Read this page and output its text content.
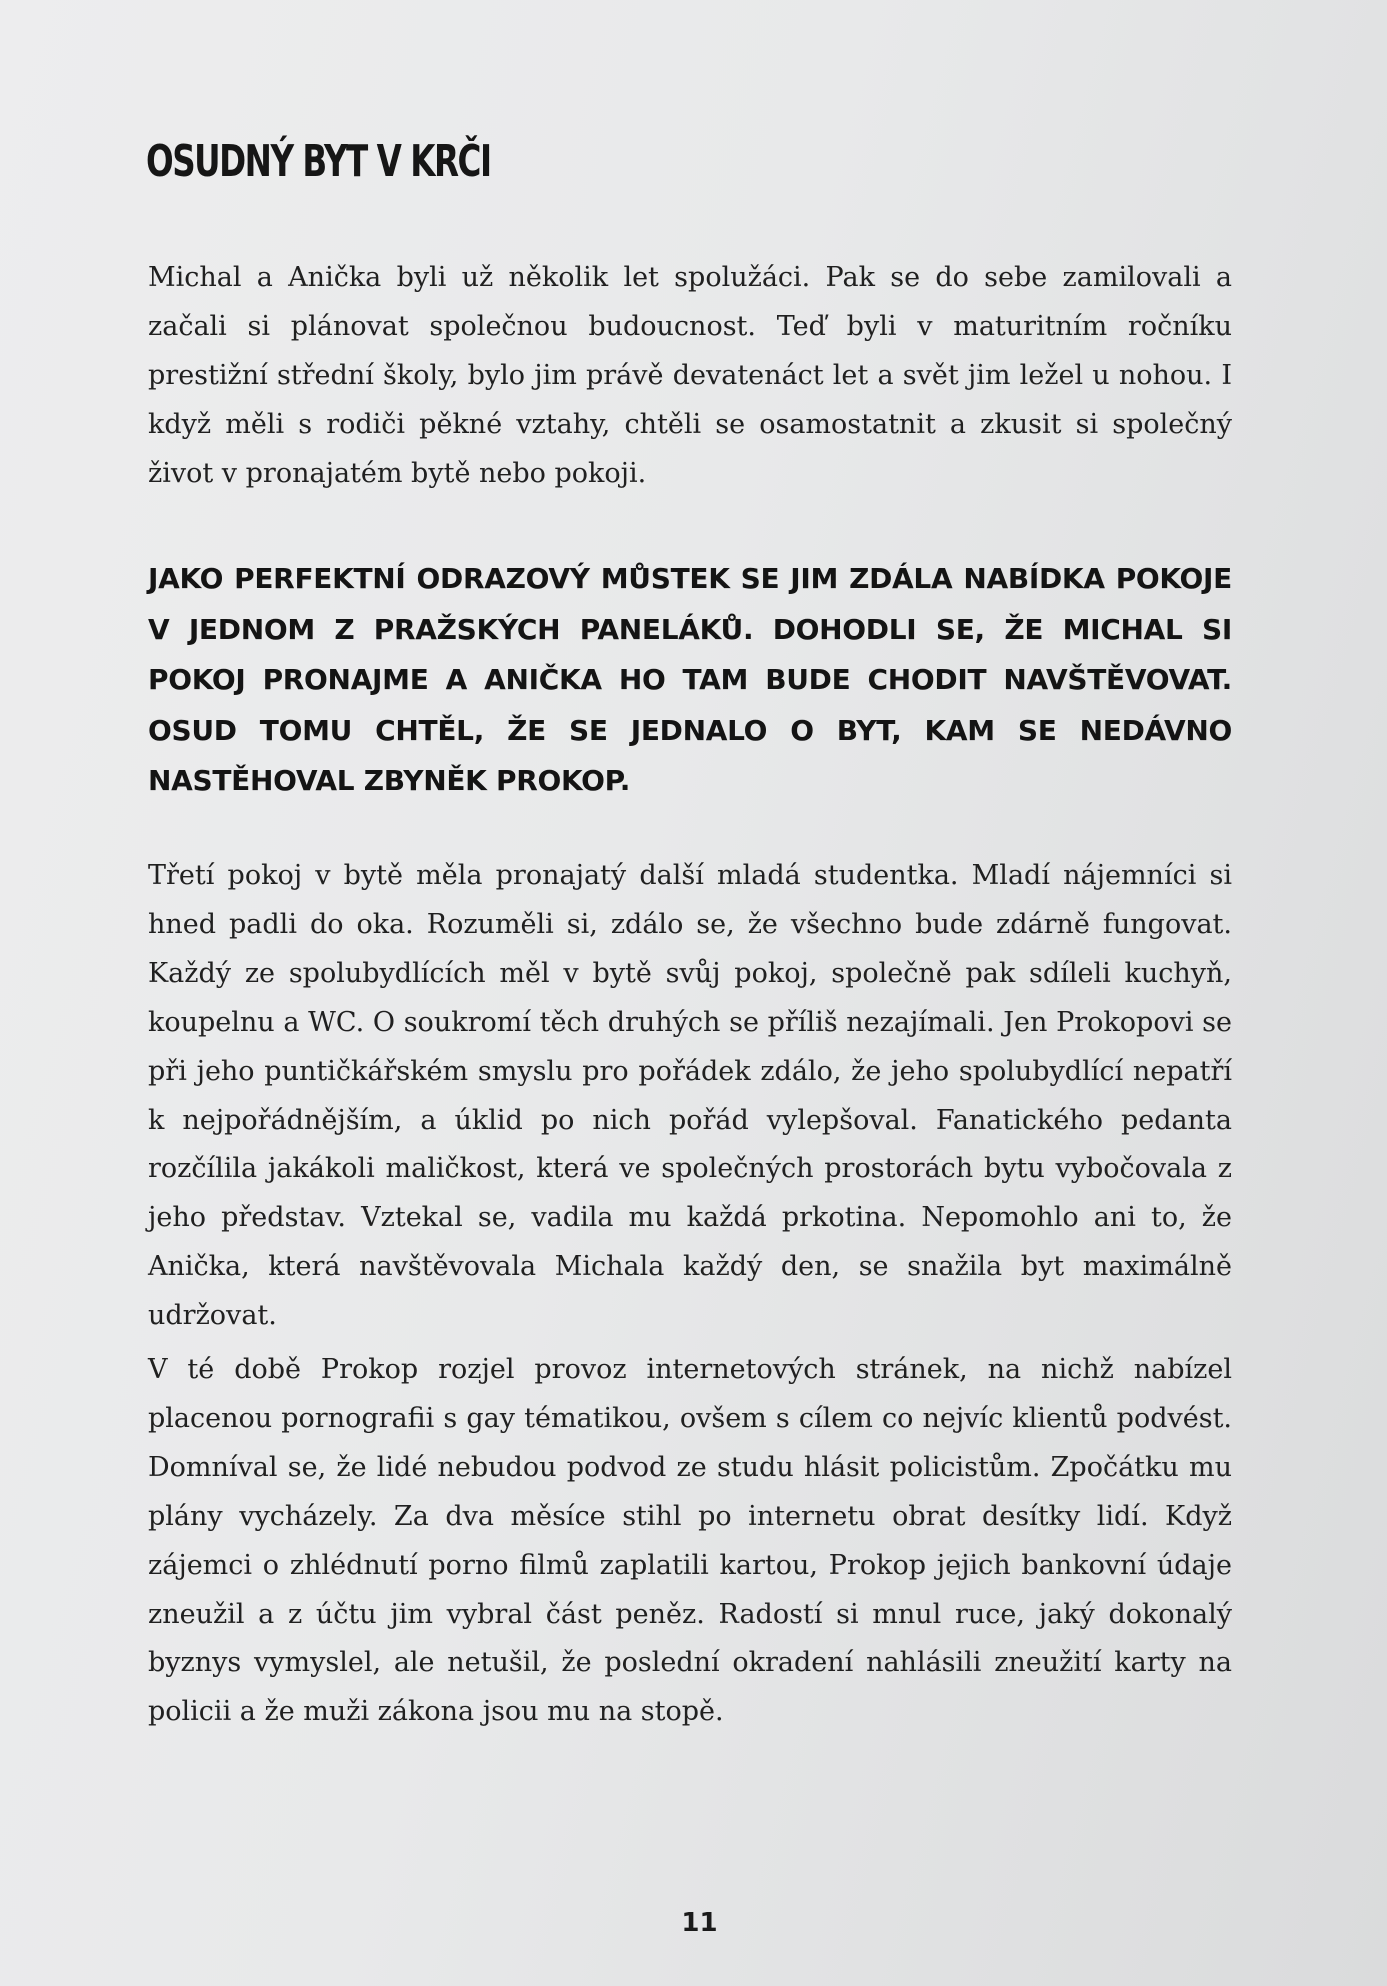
OSUDNÝ BYT V KRČI

Michal a Anička byli už několik let spolužáci. Pak se do sebe zamilovali a začali si plánovat společnou budoucnost. Teď byli v maturitním ročníku prestižní střední školy, bylo jim právě devatenáct let a svět jim ležel u nohou. I když měli s rodiči pěkné vztahy, chtěli se osamostatnit a zkusit si společný život v pronajatém bytě nebo pokoji.

JAKO PERFEKTNÍ ODRAZOVÝ MŮSTEK SE JIM ZDÁLA NABÍDKA POKOJE V JEDNOM Z PRAŽSKÝCH PANELÁKŮ. DOHODLI SE, ŽE MICHAL SI POKOJ PRONAJME A ANIČKA HO TAM BUDE CHODIT NAVŠTĚVOVAT. OSUD TOMU CHTĚL, ŽE SE JEDNALO O BYT, KAM SE NEDÁVNO NASTĚHOVAL ZBYNĚK PROKOP.

Třetí pokoj v bytě měla pronajatý další mladá studentka. Mladí nájemníci si hned padli do oka. Rozuměli si, zdálo se, že všechno bude zdárně fungovat. Každý ze spolubydlících měl v bytě svůj pokoj, společně pak sdíleli kuchyň, koupelnu a WC. O soukromí těch druhých se příliš nezajímali. Jen Prokopovi se při jeho puntičkářském smyslu pro pořádek zdálo, že jeho spolubydlící nepatří k nejpořádnějším, a úklid po nich pořád vylepšoval. Fanatického pedanta rozčílila jakákoli maličkost, která ve společných prostorách bytu vybočovala z jeho představ. Vztekal se, vadila mu každá prkotina. Nepomohlo ani to, že Anička, která navštěvovala Michala každý den, se snažila byt maximálně udržovat.

V té době Prokop rozjel provoz internetových stránek, na nichž nabízel placenou pornografii s gay tématikou, ovšem s cílem co nejvíc klientů podvést. Domníval se, že lidé nebudou podvod ze studu hlásit policistům. Zpočátku mu plány vycházely. Za dva měsíce stihl po internetu obrat desítky lidí. Když zájemci o zhlédnutí porno filmů zaplatili kartou, Prokop jejich bankovní údaje zneužil a z účtu jim vybral část peněz. Radostí si mnul ruce, jaký dokonalý byznys vymyslel, ale netušil, že poslední okradení nahlásili zneužití karty na policii a že muži zákona jsou mu na stopě.

11
